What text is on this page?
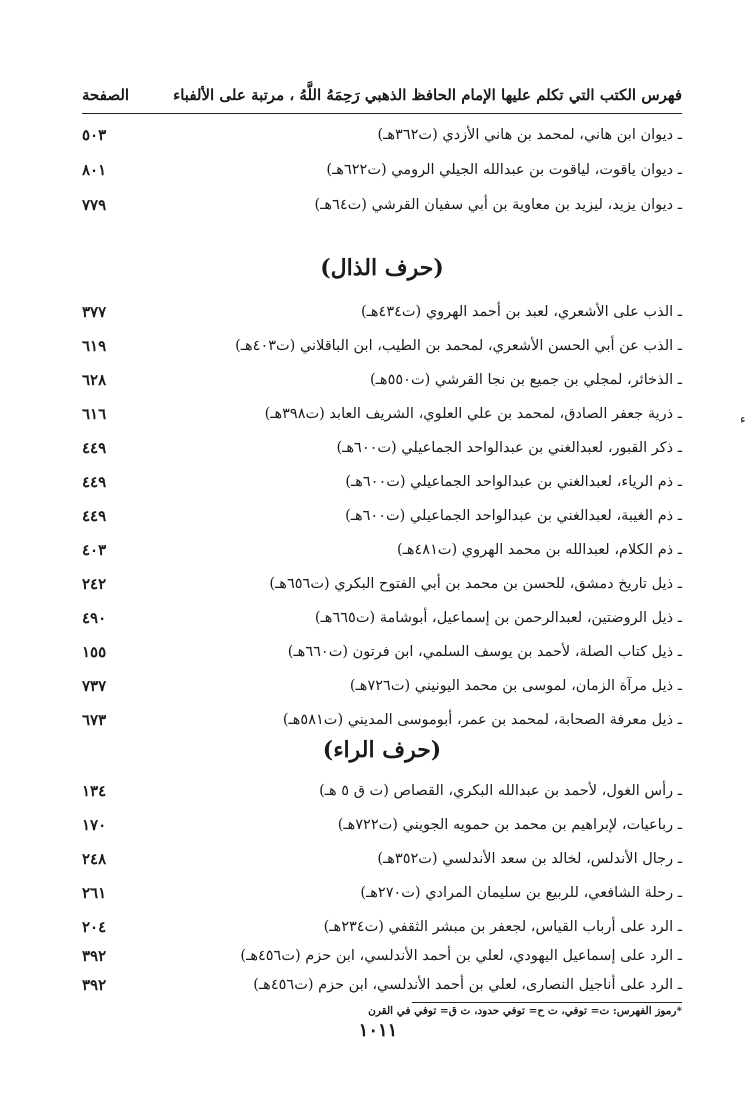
فهرس الكتب التي تكلم عليها الإمام الحافظ الذهبي رَحِمَهُ اللَّهُ ، مرتبة على الألفباء
الصفحة
ـ ديوان ابن هاني، لمحمد بن هاني الأزدي (ت٣٦٢هـ)
٥٠٣
ـ ديوان ياقوت، لياقوت بن عبدالله الجيلي الرومي (ت٦٢٢هـ)
٨٠١
ـ ديوان يزيد، ليزيد بن معاوية بن أبي سفيان القرشي (ت٦٤هـ)
٧٧٩
(حرف الذال)
ـ الذب على الأشعري، لعبد بن أحمد الهروي (ت٤٣٤هـ)
٣٧٧
ـ الذب عن أبي الحسن الأشعري، لمحمد بن الطيب، ابن الباقلاني (ت٤٠٣هـ)
٦١٩
ـ الذخائر، لمجلي بن جميع بن نجا القرشي (ت٥٥٠هـ)
٦٢٨
ـ ذرية جعفر الصادق، لمحمد بن علي العلوي، الشريف العابد (ت٣٩٨هـ)
٦١٦
ـ ذكر القبور، لعبدالغني بن عبدالواحد الجماعيلي (ت٦٠٠هـ)
٤٤٩
ـ ذم الرياء، لعبدالغني بن عبدالواحد الجماعيلي (ت٦٠٠هـ)
٤٤٩
ـ ذم الغيبة، لعبدالغني بن عبدالواحد الجماعيلي (ت٦٠٠هـ)
٤٤٩
ـ ذم الكلام، لعبدالله بن محمد الهروي (ت٤٨١هـ)
٤٠٣
ـ ذيل تاريخ دمشق، للحسن بن محمد بن أبي الفتوح البكري (ت٦٥٦هـ)
٢٤٢
ـ ذيل الروضتين، لعبدالرحمن بن إسماعيل، أبوشامة (ت٦٦٥هـ)
٤٩٠
ـ ذيل كتاب الصلة، لأحمد بن يوسف السلمي، ابن فرتون (ت٦٦٠هـ)
١٥٥
ـ ذيل مرآة الزمان، لموسى بن محمد اليونيني (ت٧٢٦هـ)
٧٣٧
ـ ذيل معرفة الصحابة، لمحمد بن عمر، أبوموسى المديني (ت٥٨١هـ)
٦٧٣
(حرف الراء)
ـ رأس الغول، لأحمد بن عبدالله البكري، القصاص (ت ق ٥ هـ)
١٣٤
ـ رباعيات، لإبراهيم بن محمد بن حمويه الجويني (ت٧٢٢هـ)
١٧٠
ـ رجال الأندلس، لخالد بن سعد الأندلسي (ت٣٥٢هـ)
٢٤٨
ـ رحلة الشافعي، للربيع بن سليمان المرادي (ت٢٧٠هـ)
٢٦١
ـ الرد على أرباب القياس، لجعفر بن مبشر الثقفي (ت٢٣٤هـ)
٢٠٤
ـ الرد على إسماعيل اليهودي، لعلي بن أحمد الأندلسي، ابن حزم (ت٤٥٦هـ)
٣٩٢
ـ الرد على أناجيل النصارى، لعلي بن أحمد الأندلسي، ابن حزم (ت٤٥٦هـ)
٣٩٢
*رموز الفهرس: ت= توفي، ت ح= توفي حدود، ت ق= توفي في القرن
١٠١١
ء
